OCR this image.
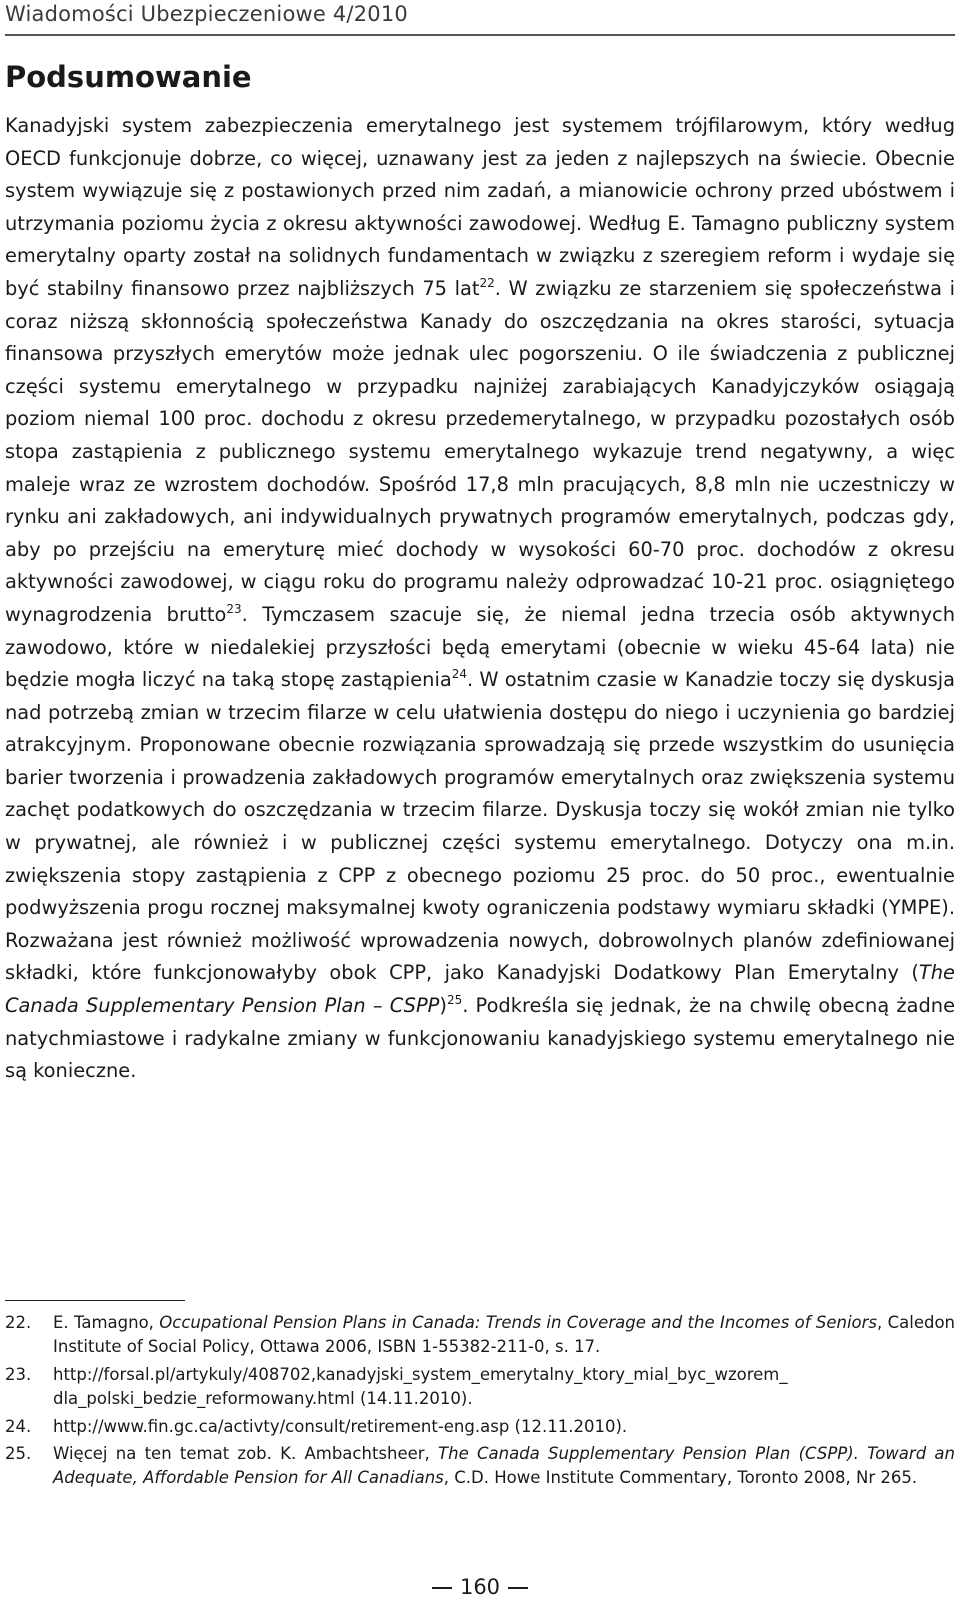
Wiadomości Ubezpieczeniowe 4/2010
Podsumowanie

Kanadyjski system zabezpieczenia emerytalnego jest systemem trójfilarowym, który według OECD funkcjonuje dobrze, co więcej, uznawany jest za jeden z najlepszych na świecie. Obecnie system wywiązuje się z postawionych przed nim zadań, a mianowicie ochrony przed ubóstwem i utrzymania poziomu życia z okresu aktywności zawodowej. Według E. Tamagno publiczny system emerytalny oparty został na solidnych fundamentach w związku z szeregiem reform i wydaje się być stabilny finansowo przez najbliższych 75 lat$^{22}$. W związku ze starzeniem się społeczeństwa i coraz niższą skłonnością społeczeństwa Kanady do oszczędzania na okres starości, sytuacja finansowa przyszłych emerytów może jednak ulec pogorszeniu. O ile świadczenia z publicznej części systemu emerytalnego w przypadku najniżej zarabiających Kanadyjczyków osiągają poziom niemal 100 proc. dochodu z okresu przedemerytalnego, w przypadku pozostałych osób stopa zastąpienia z publicznego systemu emerytalnego wykazuje trend negatywny, a więc maleje wraz ze wzrostem dochodów. Spośród 17,8 mln pracujących, 8,8 mln nie uczestniczy w rynku ani zakładowych, ani indywidualnych prywatnych programów emerytalnych, podczas gdy, aby po przejściu na emeryturę mieć dochody w wysokości 60-70 proc. dochodów z okresu aktywności zawodowej, w ciągu roku do programu należy odprowadzać 10-21 proc. osiągniętego wynagrodzenia brutto$^{23}$. Tymczasem szacuje się, że niemal jedna trzecia osób aktywnych zawodowo, które w niedalekiej przyszłości będą emerytami (obecnie w wieku 45-64 lata) nie będzie mogła liczyć na taką stopę zastąpienia$^{24}$. W ostatnim czasie w Kanadzie toczy się dyskusja nad potrzebą zmian w trzecim filarze w celu ułatwienia dostępu do niego i uczynienia go bardziej atrakcyjnym. Proponowane obecnie rozwiązania sprowadzają się przede wszystkim do usunięcia barier tworzenia i prowadzenia zakładowych programów emerytalnych oraz zwiększenia systemu zachęt podatkowych do oszczędzania w trzecim filarze. Dyskusja toczy się wokół zmian nie tylko w prywatnej, ale również i w publicznej części systemu emerytalnego. Dotyczy ona m.in. zwiększenia stopy zastąpienia z CPP z obecnego poziomu 25 proc. do 50 proc., ewentualnie podwyższenia progu rocznej maksymalnej kwoty ograniczenia podstawy wymiaru składki (YMPE). Rozważana jest również możliwość wprowadzenia nowych, dobrowolnych planów zdefiniowanej składki, które funkcjonowałyby obok CPP, jako Kanadyjski Dodatkowy Plan Emerytalny (The Canada Supplementary Pension Plan – CSPP)$^{25}$. Podkreśla się jednak, że na chwilę obecną żadne natychmiastowe i radykalne zmiany w funkcjonowaniu kanadyjskiego systemu emerytalnego nie są konieczne.

22. E. Tamagno, Occupational Pension Plans in Canada: Trends in Coverage and the Incomes of Seniors, Caledon Institute of Social Policy, Ottawa 2006, ISBN 1-55382-211-0, s. 17.
23. http://forsal.pl/artykuly/408702,kanadyjski_system_emerytalny_ktory_mial_byc_wzorem_ dla_polski_bedzie_reformowany.html (14.11.2010).
24. http://www.fin.gc.ca/activty/consult/retirement-eng.asp (12.11.2010).
25. Więcej na ten temat zob. K. Ambachtsheer, The Canada Supplementary Pension Plan (CSPP). Toward an Adequate, Affordable Pension for All Canadians, C.D. Howe Institute Commentary, Toronto 2008, Nr 265.
160
